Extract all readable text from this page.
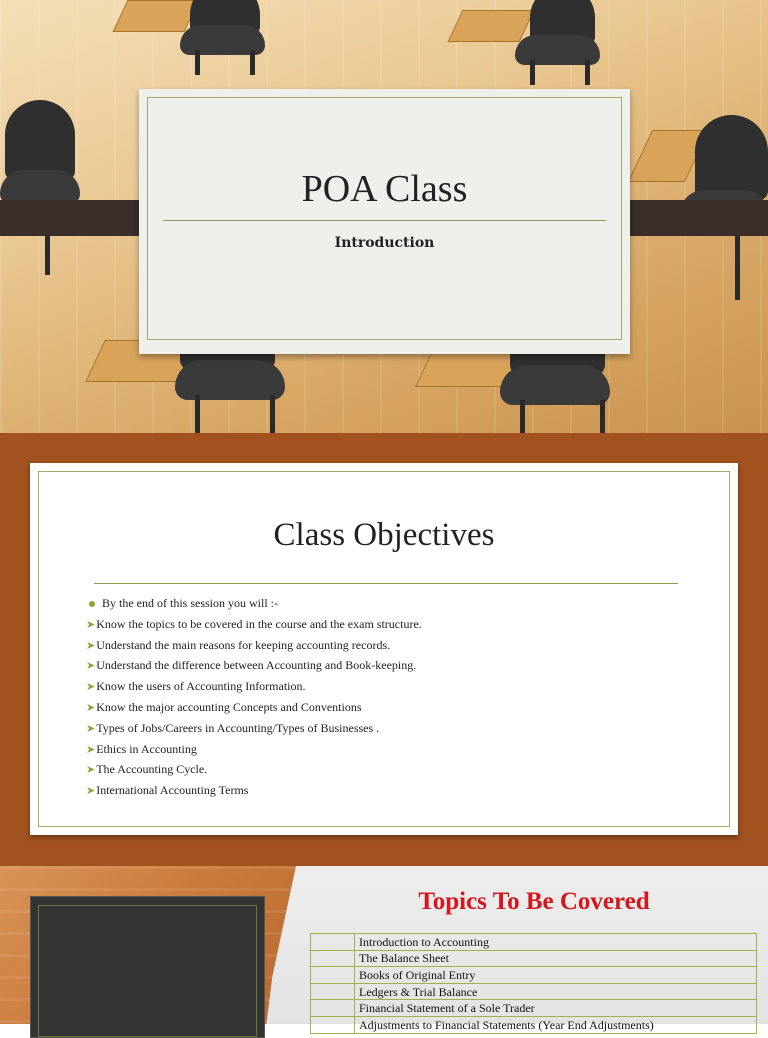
POA Class
Introduction
Class Objectives
By the end of this session you will :-
➤Know the topics to be covered in the course and the exam structure.
➤Understand the main reasons for keeping accounting records.
➤Understand the difference between Accounting and Book-keeping.
➤Know the users of Accounting Information.
➤Know the major accounting Concepts and Conventions
➤Types of Jobs/Careers in Accounting/Types of Businesses .
➤Ethics in Accounting
➤The Accounting Cycle.
➤International Accounting Terms
Topics To Be Covered
	Introduction to Accounting
	The Balance Sheet
	Books of Original Entry
	Ledgers & Trial Balance
	Financial Statement of a Sole Trader
	Adjustments to Financial Statements (Year End Adjustments)
